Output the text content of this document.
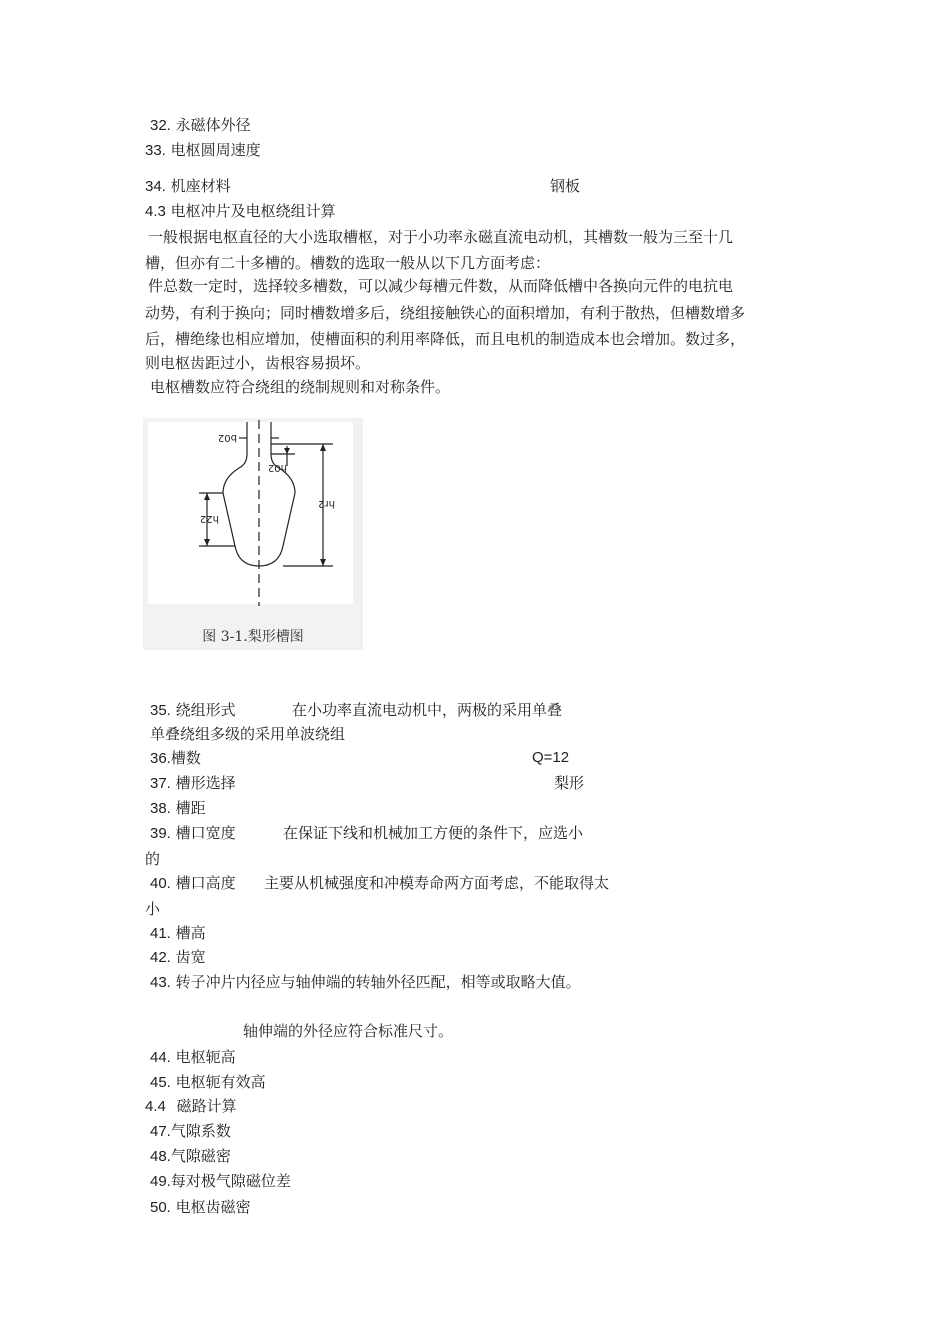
32. 永磁体外径
33. 电枢圆周速度
34. 机座材料	钢板
4.3 电枢冲片及电枢绕组计算
一般根据电枢直径的大小选取槽枢，对于小功率永磁直流电动机，其槽数一般为三至十几
槽，但亦有二十多槽的。槽数的选取一般从以下几方面考虑：
件总数一定时，选择较多槽数，可以减少每槽元件数，从而降低槽中各换向元件的电抗电
动势，有利于换向；同时槽数增多后，绕组接触铁心的面积增加，有利于散热，但槽数增多
后，槽绝缘也相应增加，使槽面积的利用率降低，而且电机的制造成本也会增加。数过多，
则电枢齿距过小，齿根容易损坏。
电枢槽数应符合绕组的绕制规则和对称条件。
b02
h02
h22
hr2
图 3-1.梨形槽图
35. 绕组形式	在小功率直流电动机中，两极的采用单叠
单叠绕组多级的采用单波绕组
36.槽数	Q=12
37. 槽形选择	梨形
38. 槽距
39. 槽口宽度	在保证下线和机械加工方便的条件下，应选小
的
40. 槽口高度 主要从机械强度和冲模寿命两方面考虑，不能取得太
小
41. 槽高
42. 齿宽
43. 转子冲片内径应与轴伸端的转轴外径匹配，相等或取略大值。
轴伸端的外径应符合标准尺寸。
44. 电枢轭高
45. 电枢轭有效高
4.4 磁路计算
47.气隙系数
48.气隙磁密
49.每对极气隙磁位差
50. 电枢齿磁密
